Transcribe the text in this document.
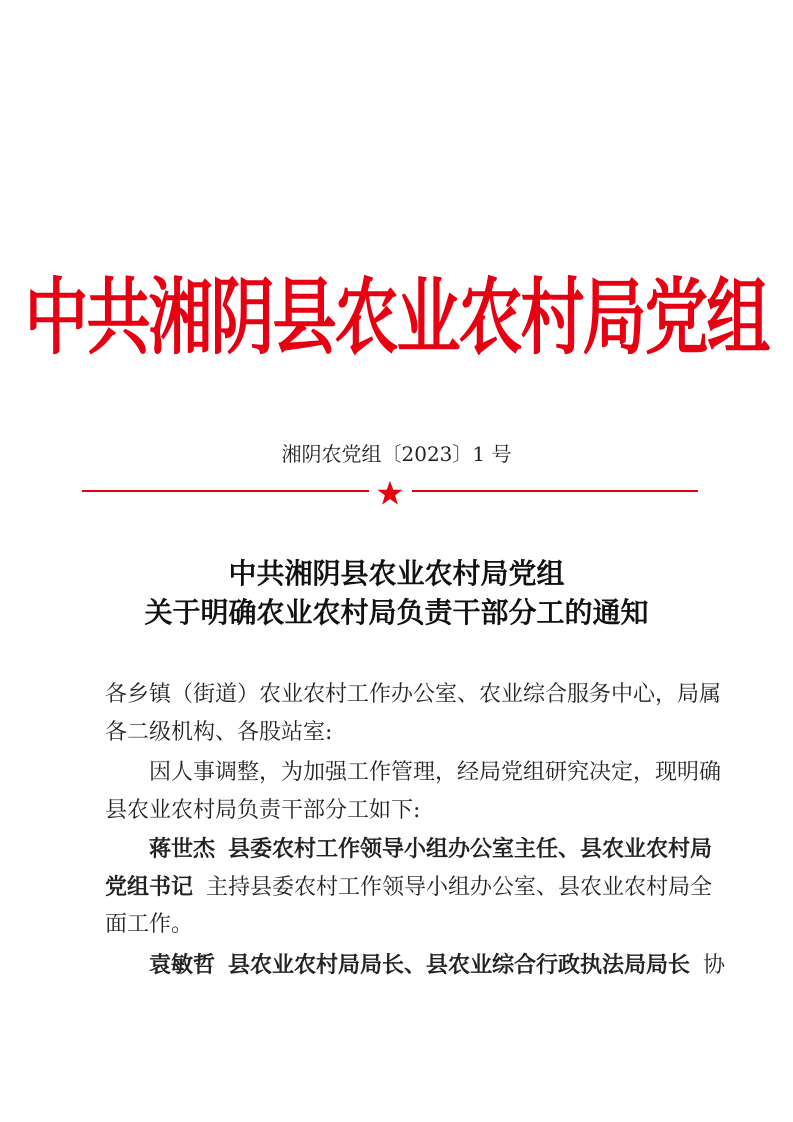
中共湘阴县农业农村局党组
湘阴农党组〔2023〕1 号
中共湘阴县农业农村局党组
关于明确农业农村局负责干部分工的通知
各乡镇（街道）农业农村工作办公室、农业综合服务中心，局属
各二级机构、各股站室:
因人事调整，为加强工作管理，经局党组研究决定，现明确
县农业农村局负责干部分工如下:
蒋世杰 县委农村工作领导小组办公室主任、县农业农村局
党组书记 主持县委农村工作领导小组办公室、县农业农村局全
面工作。
袁敏哲 县农业农村局局长、县农业综合行政执法局局长 协
